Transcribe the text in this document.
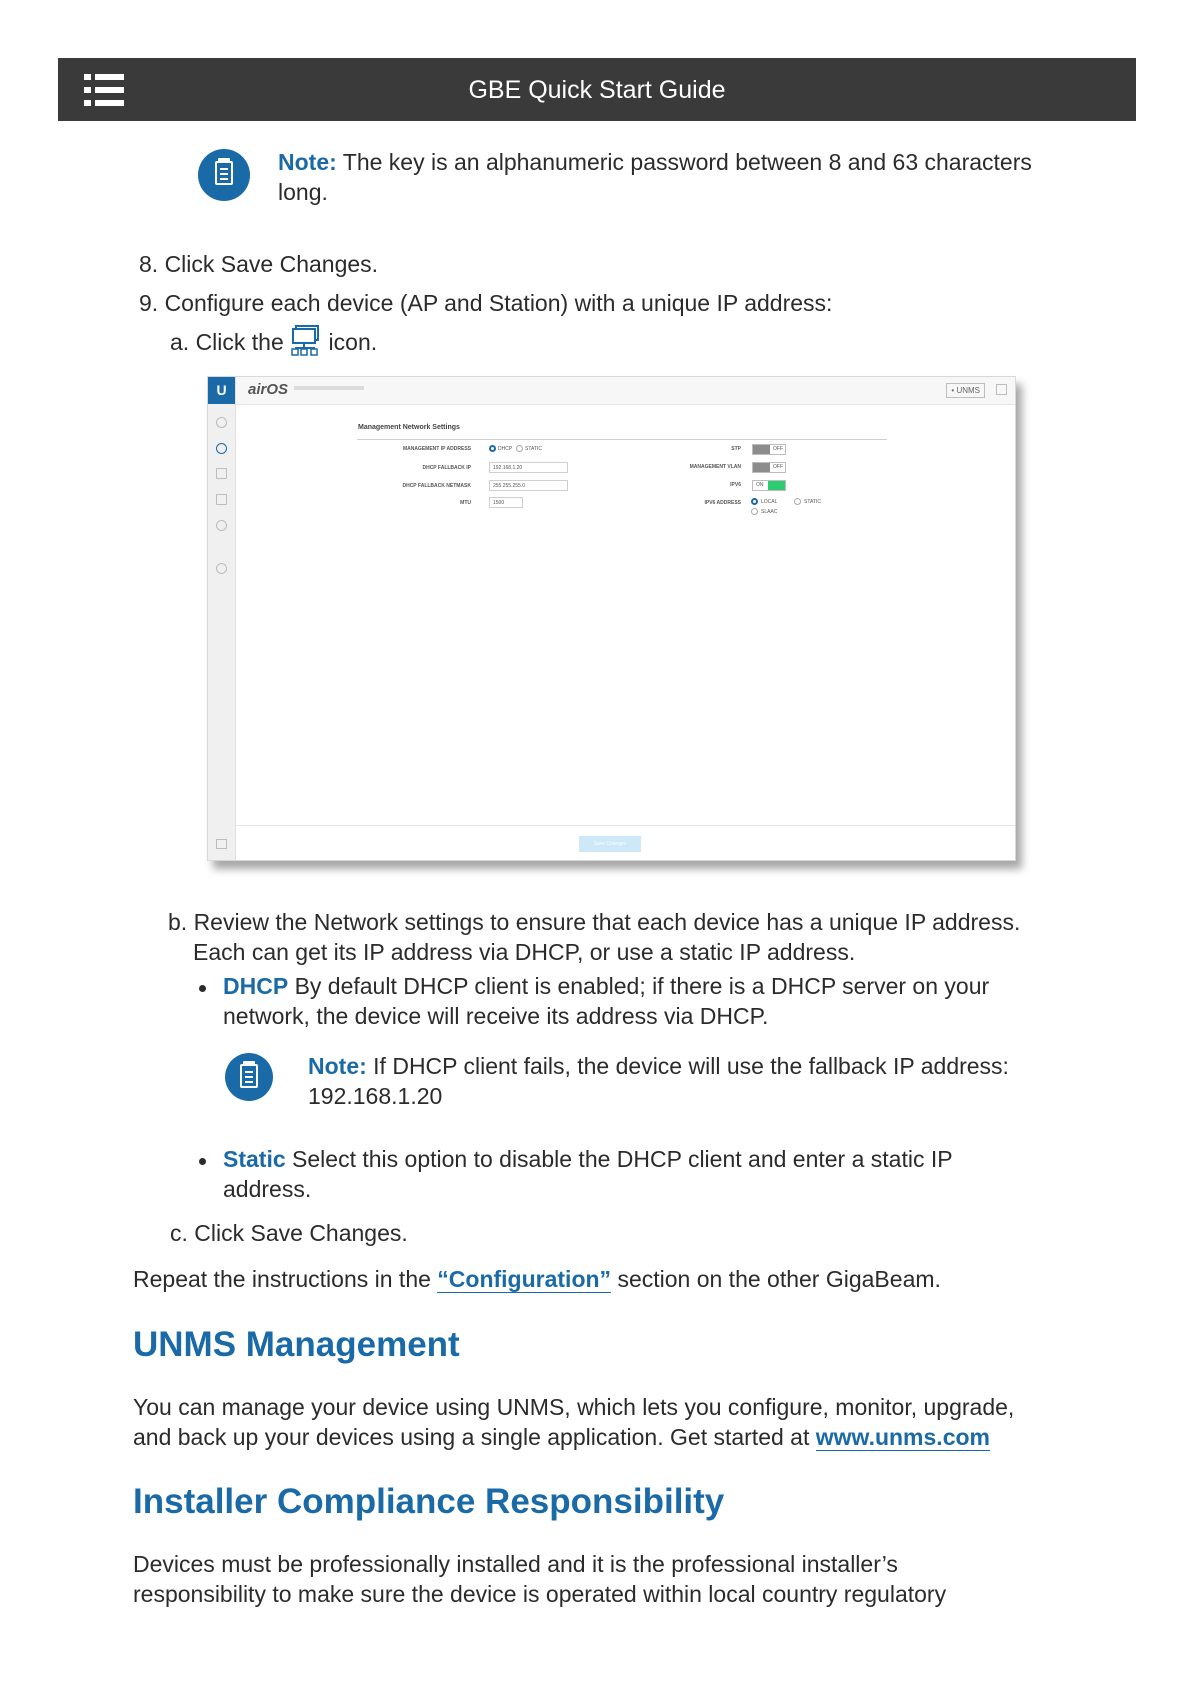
GBE Quick Start Guide
Note: The key is an alphanumeric password between 8 and 63 characters
long.
8. Click Save Changes.
9. Configure each device (AP and Station) with a unique IP address:
a. Click the icon.
U	airOS	• UNMS
Management Network Settings
MANAGEMENT IP ADDRESS	DHCP	STATIC
DHCP FALLBACK IP	192.168.1.20
DHCP FALLBACK NETMASK	255.255.255.0
MTU	1500
STP	OFF
MANAGEMENT VLAN	OFF
IPV6	ON
IPV6 ADDRESS	LOCAL	STATIC
SLAAC
Save Changes
b. Review the Network settings to ensure that each device has a unique IP address.
Each can get its IP address via DHCP, or use a static IP address.
DHCP By default DHCP client is enabled; if there is a DHCP server on your
network, the device will receive its address via DHCP.
Note: If DHCP client fails, the device will use the fallback IP address:
192.168.1.20
Static Select this option to disable the DHCP client and enter a static IP
address.
c. Click Save Changes.
Repeat the instructions in the “Configuration” section on the other GigaBeam.
UNMS Management
You can manage your device using UNMS, which lets you configure, monitor, upgrade,
and back up your devices using a single application. Get started at www.unms.com
Installer Compliance Responsibility
Devices must be professionally installed and it is the professional installer’s
responsibility to make sure the device is operated within local country regulatory
